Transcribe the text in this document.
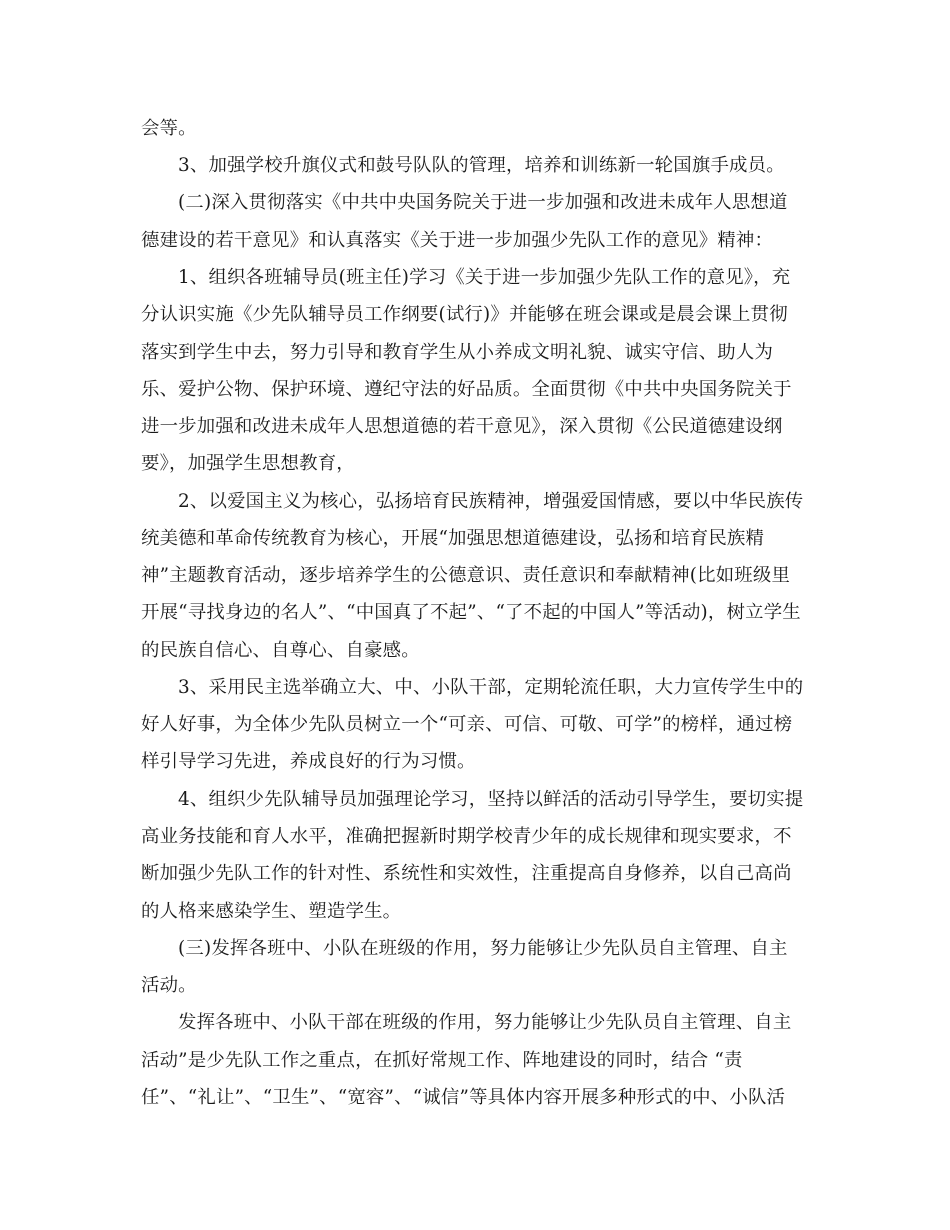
会等。
3、加强学校升旗仪式和鼓号队队的管理，培养和训练新一轮国旗手成员。
(二)深入贯彻落实《中共中央国务院关于进一步加强和改进未成年人思想道
德建设的若干意见》和认真落实《关于进一步加强少先队工作的意见》精神：
1、组织各班辅导员(班主任)学习《关于进一步加强少先队工作的意见》，充
分认识实施《少先队辅导员工作纲要(试行)》并能够在班会课或是晨会课上贯彻
落实到学生中去，努力引导和教育学生从小养成文明礼貌、诚实守信、助人为
乐、爱护公物、保护环境、遵纪守法的好品质。全面贯彻《中共中央国务院关于
进一步加强和改进未成年人思想道德的若干意见》，深入贯彻《公民道德建设纲
要》，加强学生思想教育，
2、以爱国主义为核心，弘扬培育民族精神，增强爱国情感，要以中华民族传
统美德和革命传统教育为核心，开展“加强思想道德建设，弘扬和培育民族精
神”主题教育活动，逐步培养学生的公德意识、责任意识和奉献精神(比如班级里
开展“寻找身边的名人”、“中国真了不起”、“了不起的中国人”等活动)，树立学生
的民族自信心、自尊心、自豪感。
3、采用民主选举确立大、中、小队干部，定期轮流任职，大力宣传学生中的
好人好事，为全体少先队员树立一个“可亲、可信、可敬、可学”的榜样，通过榜
样引导学习先进，养成良好的行为习惯。
4、组织少先队辅导员加强理论学习，坚持以鲜活的活动引导学生，要切实提
高业务技能和育人水平，准确把握新时期学校青少年的成长规律和现实要求，不
断加强少先队工作的针对性、系统性和实效性，注重提高自身修养，以自己高尚
的人格来感染学生、塑造学生。
(三)发挥各班中、小队在班级的作用，努力能够让少先队员自主管理、自主
活动。
发挥各班中、小队干部在班级的作用，努力能够让少先队员自主管理、自主
活动”是少先队工作之重点，在抓好常规工作、阵地建设的同时，结合 “责
任”、“礼让”、“卫生”、“宽容”、“诚信”等具体内容开展多种形式的中、小队活
